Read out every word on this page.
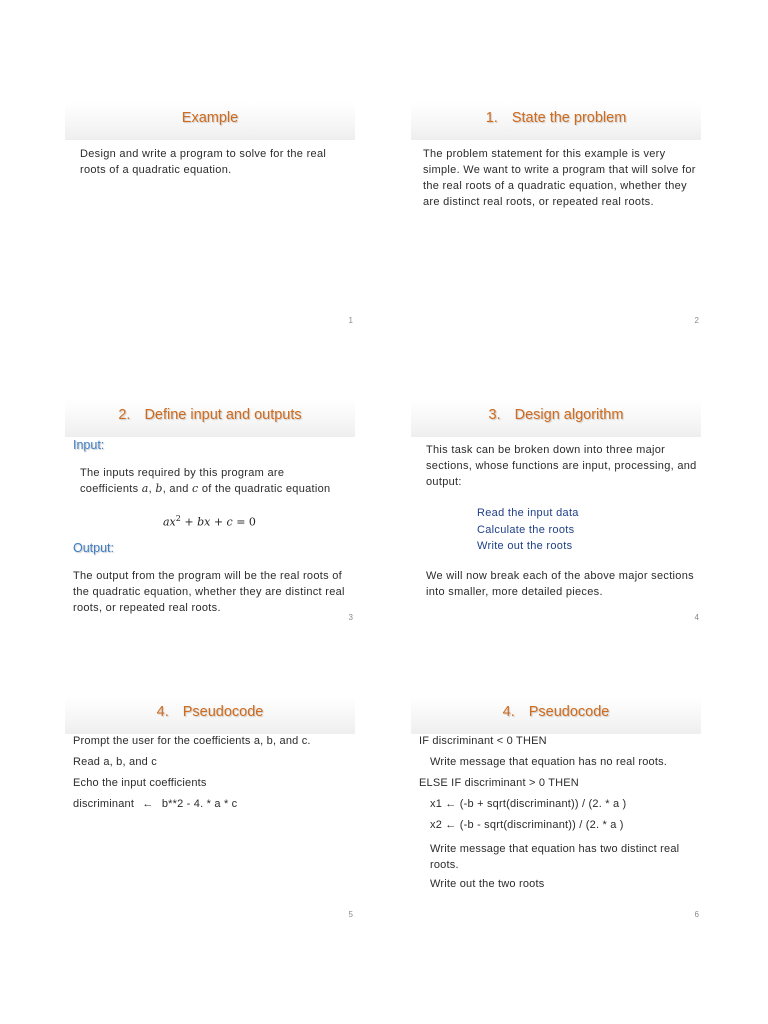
Example
Design and write a program to solve for the real roots of a quadratic equation.
1
1. State the problem
The problem statement for this example is very simple. We want to write a program that will solve for the real roots of a quadratic equation, whether they are distinct real roots, or repeated real roots.
2
2. Define input and outputs
Input:
The inputs required by this program are
coefficients a, b, and c of the quadratic equation
$ax^2$ + bx + c = 0
Output:
The output from the program will be the real roots of the quadratic equation, whether they are distinct real roots, or repeated real roots.
3
3. Design algorithm
This task can be broken down into three major sections, whose functions are input, processing, and output:
Read the input data
Calculate the roots
Write out the roots
We will now break each of the above major sections into smaller, more detailed pieces.
4
4. Pseudocode
Prompt the user for the coefficients a, b, and c.
Read a, b, and c
Echo the input coefficients
discriminant ← b**2 - 4. * a * c
5
4. Pseudocode
IF discriminant < 0 THEN
Write message that equation has no real roots.
ELSE IF discriminant > 0 THEN
x1 ← (-b + sqrt(discriminant)) / (2. * a )
x2 ← (-b - sqrt(discriminant)) / (2. * a )
Write message that equation has two distinct real roots.
Write out the two roots
6
